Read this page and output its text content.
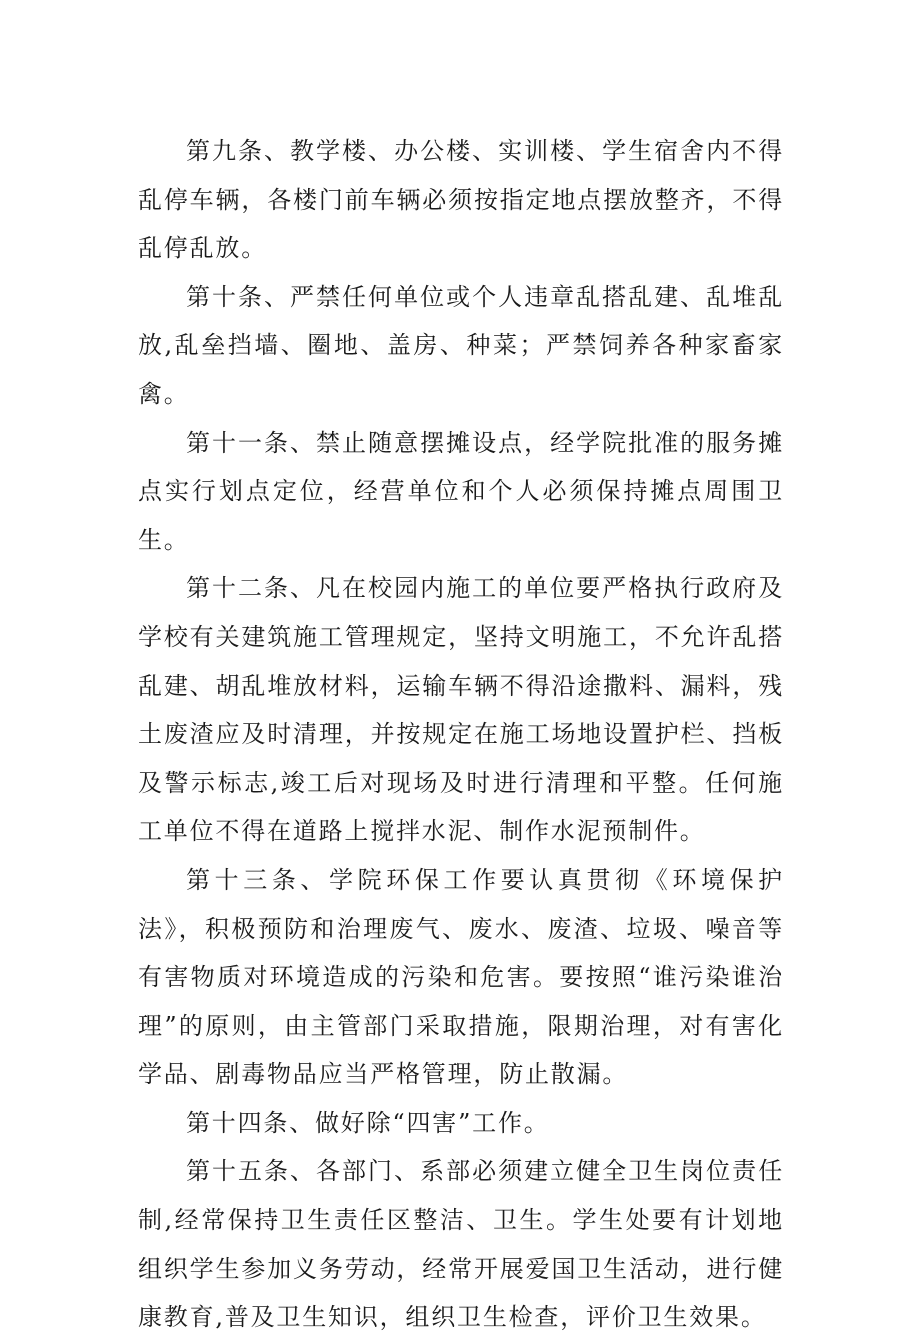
第九条、教学楼、办公楼、实训楼、学生宿舍内不得乱停车辆，各楼门前车辆必须按指定地点摆放整齐，不得乱停乱放。

第十条、严禁任何单位或个人违章乱搭乱建、乱堆乱放,乱垒挡墙、圈地、盖房、种菜；严禁饲养各种家畜家禽。

第十一条、禁止随意摆摊设点，经学院批准的服务摊点实行划点定位，经营单位和个人必须保持摊点周围卫生。

第十二条、凡在校园内施工的单位要严格执行政府及学校有关建筑施工管理规定，坚持文明施工，不允许乱搭乱建、胡乱堆放材料，运输车辆不得沿途撒料、漏料，残土废渣应及时清理，并按规定在施工场地设置护栏、挡板及警示标志,竣工后对现场及时进行清理和平整。任何施工单位不得在道路上搅拌水泥、制作水泥预制件。

第十三条、学院环保工作要认真贯彻《环境保护法》，积极预防和治理废气、废水、废渣、垃圾、噪音等有害物质对环境造成的污染和危害。要按照“谁污染谁治理”的原则，由主管部门采取措施，限期治理，对有害化学品、剧毒物品应当严格管理，防止散漏。

第十四条、做好除“四害”工作。

第十五条、各部门、系部必须建立健全卫生岗位责任制,经常保持卫生责任区整洁、卫生。学生处要有计划地组织学生参加义务劳动，经常开展爱国卫生活动，进行健康教育,普及卫生知识，组织卫生检查，评价卫生效果。
